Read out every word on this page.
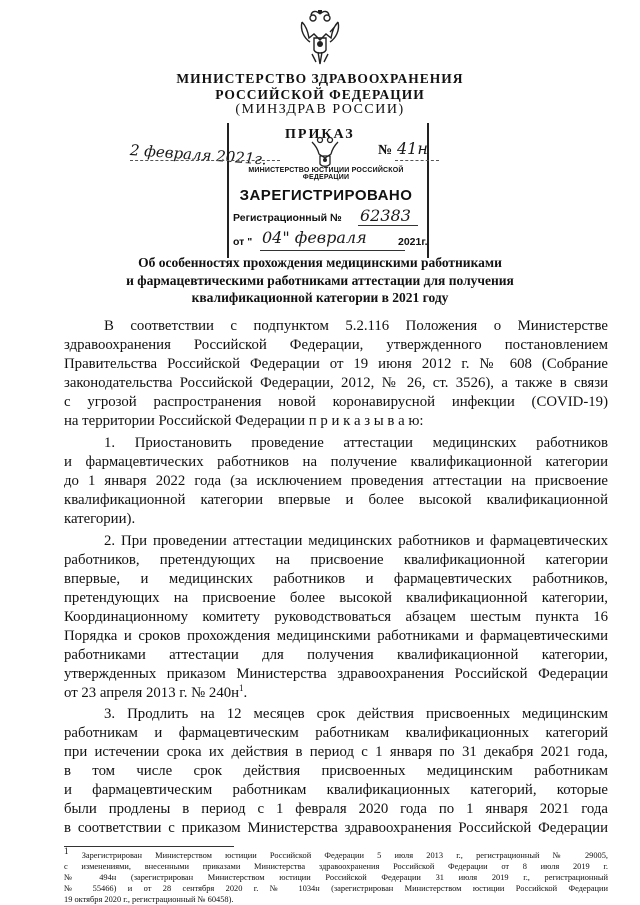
МИНИСТЕРСТВО ЗДРАВООХРАНЕНИЯ
РОССИЙСКОЙ ФЕДЕРАЦИИ
(МИНЗДРАВ РОССИИ)
ПРИКАЗ
2 февраля 2021г.	№ 41н
МИНИСТЕРСТВО ЮСТИЦИИ РОССИЙСКОЙ ФЕДЕРАЦИИ
ЗАРЕГИСТРИРОВАНО
Регистрационный № 62383
от " 04" февраля	2021г.
Об особенностях прохождения медицинскими работниками
и фармацевтическими работниками аттестации для получения
квалификационной категории в 2021 году
В соответствии с подпунктом 5.2.116 Положения о Министерстве
здравоохранения Российской Федерации, утвержденного постановлением
Правительства Российской Федерации от 19 июня 2012 г. № 608 (Собрание
законодательства Российской Федерации, 2012, № 26, ст. 3526), а также в связи
с угрозой распространения новой коронавирусной инфекции (COVID-19)
на территории Российской Федерации п р и к а з ы в а ю:
1. Приостановить проведение аттестации медицинских работников
и фармацевтических работников на получение квалификационной категории
до 1 января 2022 года (за исключением проведения аттестации на присвоение
квалификационной категории впервые и более высокой квалификационной
категории).
2. При проведении аттестации медицинских работников и фармацевтических
работников, претендующих на присвоение квалификационной категории
впервые, и медицинских работников и фармацевтических работников,
претендующих на присвоение более высокой квалификационной категории,
Координационному комитету руководствоваться абзацем шестым пункта 16
Порядка и сроков прохождения медицинскими работниками и фармацевтическими
работниками аттестации для получения квалификационной категории,
утвержденных приказом Министерства здравоохранения Российской Федерации
от 23 апреля 2013 г. № $240н^1$.
3. Продлить на 12 месяцев срок действия присвоенных медицинским
работникам и фармацевтическим работникам квалификационных категорий
при истечении срока их действия в период с 1 января по 31 декабря 2021 года,
в том числе срок действия присвоенных медицинским работникам
и фармацевтическим работникам квалификационных категорий, которые
были продлены в период с 1 февраля 2020 года по 1 января 2021 года
в соответствии с приказом Министерства здравоохранения Российской Федерации
$^1$ Зарегистрирован Министерством юстиции Российской Федерации 5 июля 2013 г., регистрационный № 29005,
с изменениями, внесенными приказами Министерства здравоохранения Российской Федерации от 8 июля 2019 г.
№ 494н (зарегистрирован Министерством юстиции Российской Федерации 31 июля 2019 г., регистрационный
№ 55466) и от 28 сентября 2020 г. № 1034н (зарегистрирован Министерством юстиции Российской Федерации
19 октября 2020 г., регистрационный № 60458).
